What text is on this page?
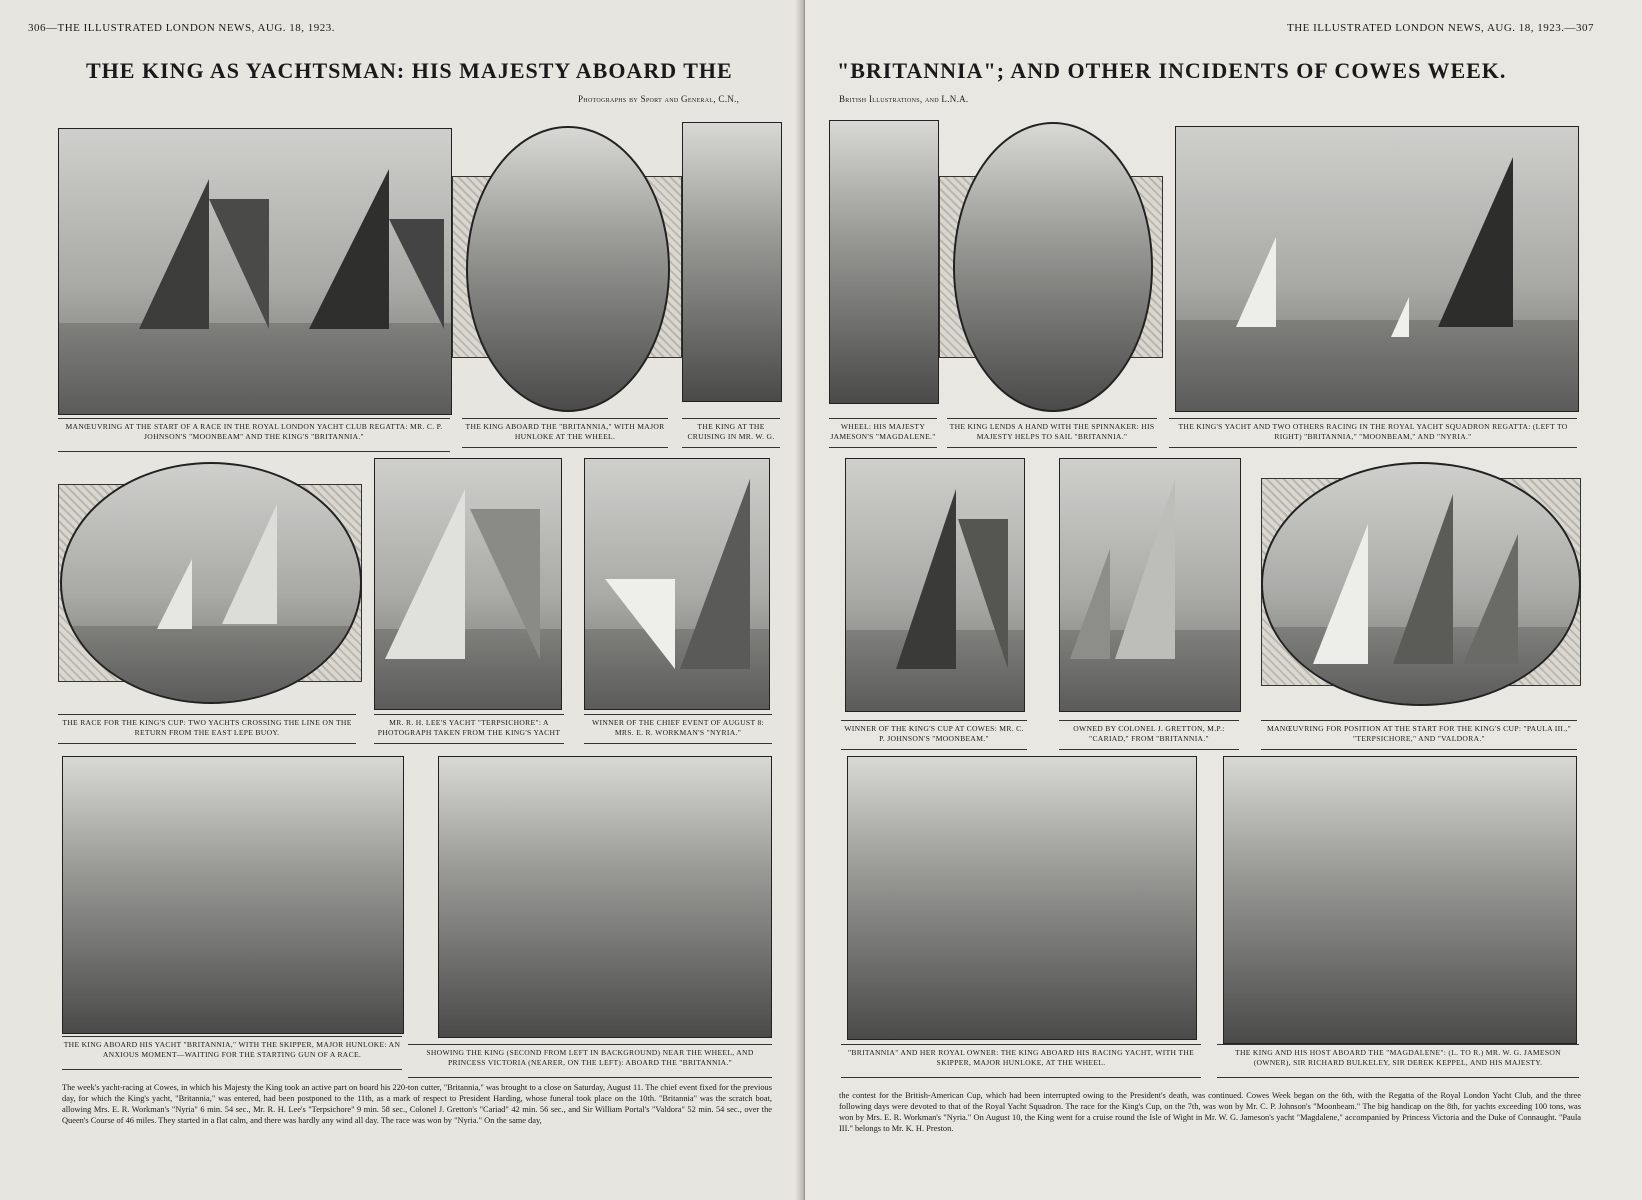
306—THE ILLUSTRATED LONDON NEWS, AUG. 18, 1923.
THE KING AS YACHTSMAN: HIS MAJESTY ABOARD THE
Photographs by Sport and General, C.N.,
MANŒUVRING AT THE START OF A RACE IN THE ROYAL LONDON YACHT CLUB REGATTA: MR. C. P. JOHNSON'S "MOONBEAM" AND THE KING'S "BRITANNIA."
THE KING ABOARD THE "BRITANNIA," WITH MAJOR HUNLOKE AT THE WHEEL.
THE KING AT THE CRUISING IN MR. W. G.
THE RACE FOR THE KING'S CUP: TWO YACHTS CROSSING THE LINE ON THE RETURN FROM THE EAST LEPE BUOY.
MR. R. H. LEE'S YACHT "TERPSICHORE": A PHOTOGRAPH TAKEN FROM THE KING'S YACHT
WINNER OF THE CHIEF EVENT OF AUGUST 8: MRS. E. R. WORKMAN'S "NYRIA."
THE KING ABOARD HIS YACHT "BRITANNIA," WITH THE SKIPPER, MAJOR HUNLOKE: AN ANXIOUS MOMENT—WAITING FOR THE STARTING GUN OF A RACE.	SHOWING THE KING (SECOND FROM LEFT IN BACKGROUND) NEAR THE WHEEL, AND PRINCESS VICTORIA (NEARER, ON THE LEFT): ABOARD THE "BRITANNIA."
The week's yacht-racing at Cowes, in which his Majesty the King took an active part on board his 220-ton cutter, "Britannia," was brought to a close on Saturday, August 11. The chief event fixed for the previous day, for which the King's yacht, "Britannia," was entered, had been postponed to the 11th, as a mark of respect to President Harding, whose funeral took place on the 10th. "Britannia" was the scratch boat, allowing Mrs. E. R. Workman's "Nyria" 6 min. 54 sec., Mr. R. H. Lee's "Terpsichore" 9 min. 58 sec., Colonel J. Gretton's "Cariad" 42 min. 56 sec., and Sir William Portal's "Valdora" 52 min. 54 sec., over the Queen's Course of 46 miles. They started in a flat calm, and there was hardly any wind all day. The race was won by "Nyria." On the same day,
THE ILLUSTRATED LONDON NEWS, AUG. 18, 1923.—307
"BRITANNIA"; AND OTHER INCIDENTS OF COWES WEEK.
British Illustrations, and L.N.A.
WHEEL: HIS MAJESTY JAMESON'S "MAGDALENE."
THE KING LENDS A HAND WITH THE SPINNAKER: HIS MAJESTY HELPS TO SAIL "BRITANNIA."
THE KING'S YACHT AND TWO OTHERS RACING IN THE ROYAL YACHT SQUADRON REGATTA: (LEFT TO RIGHT) "BRITANNIA," "MOONBEAM," AND "NYRIA."
WINNER OF THE KING'S CUP AT COWES: MR. C. P. JOHNSON'S "MOONBEAM."
OWNED BY COLONEL J. GRETTON, M.P.: "CARIAD," FROM "BRITANNIA."
MANŒUVRING FOR POSITION AT THE START FOR THE KING'S CUP: "PAULA III.," "TERPSICHORE," AND "VALDORA."
"BRITANNIA" AND HER ROYAL OWNER: THE KING ABOARD HIS RACING YACHT, WITH THE SKIPPER, MAJOR HUNLOKE, AT THE WHEEL.
THE KING AND HIS HOST ABOARD THE "MAGDALENE": (L. TO R.) MR. W. G. JAMESON (OWNER), SIR RICHARD BULKELEY, SIR DEREK KEPPEL, AND HIS MAJESTY.
the contest for the British-American Cup, which had been interrupted owing to the President's death, was continued. Cowes Week began on the 6th, with the Regatta of the Royal London Yacht Club, and the three following days were devoted to that of the Royal Yacht Squadron. The race for the King's Cup, on the 7th, was won by Mr. C. P. Johnson's "Moonbeam." The big handicap on the 8th, for yachts exceeding 100 tons, was won by Mrs. E. R. Workman's "Nyria." On August 10, the King went for a cruise round the Isle of Wight in Mr. W. G. Jameson's yacht "Magdalene," accompanied by Princess Victoria and the Duke of Connaught. "Paula III." belongs to Mr. K. H. Preston.
